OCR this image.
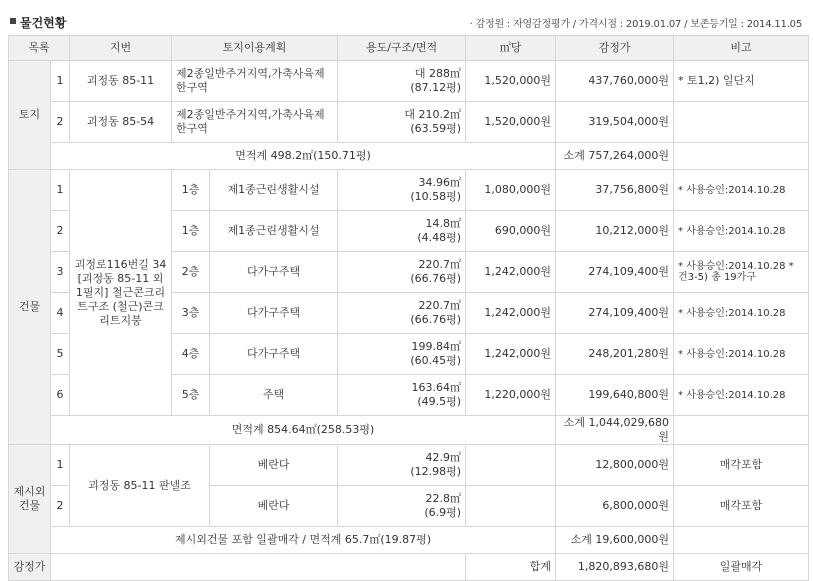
물건현황	· 감정원 : 자영감정평가 / 가격시점 : 2019.01.07 / 보존등기일 : 2014.11.05
목록		지번	토지이용계획		용도/구조/면적	㎡당	감정가	비고
토지	1	괴정동 85-11	제2종일반주거지역,가축사육제한구역		대 288㎡
(87.12평)	1,520,000원	437,760,000원	* 토1,2) 일단지
	2	괴정동 85-54	제2종일반주거지역,가축사육제한구역		대 210.2㎡
(63.59평)	1,520,000원	319,504,000원	
	면적계 498.2㎡(150.71평)						소계 757,264,000원	
건물	1	괴정로116번길 34 [괴정동 85-11 외 1필지] 철근콘크리트구조 (철근)콘크리트지붕	1층	제1종근린생활시설	34.96㎡
(10.58평)	1,080,000원	37,756,800원	* 사용승인:2014.10.28
	2		1층	제1종근린생활시설	14.8㎡
(4.48평)	690,000원	10,212,000원	* 사용승인:2014.10.28
	3		2층	다가구주택	220.7㎡
(66.76평)	1,242,000원	274,109,400원	* 사용승인:2014.10.28 * 건3-5) 총 19가구
	4		3층	다가구주택	220.7㎡
(66.76평)	1,242,000원	274,109,400원	* 사용승인:2014.10.28
	5		4층	다가구주택	199.84㎡
(60.45평)	1,242,000원	248,201,280원	* 사용승인:2014.10.28
	6		5층	주택	163.64㎡
(49.5평)	1,220,000원	199,640,800원	* 사용승인:2014.10.28
	면적계 854.64㎡(258.53평)						소계 1,044,029,680원	
제시외건물	1	괴정동 85-11 판넬조		베란다	42.9㎡
(12.98평)		12,800,000원	매각포함
	2			베란다	22.8㎡
(6.9평)		6,800,000원	매각포함
	제시외건물 포함 일괄매각 / 면적계 65.7㎡(19.87평)						소계 19,600,000원	
감정가						합계	1,820,893,680원	일괄매각
